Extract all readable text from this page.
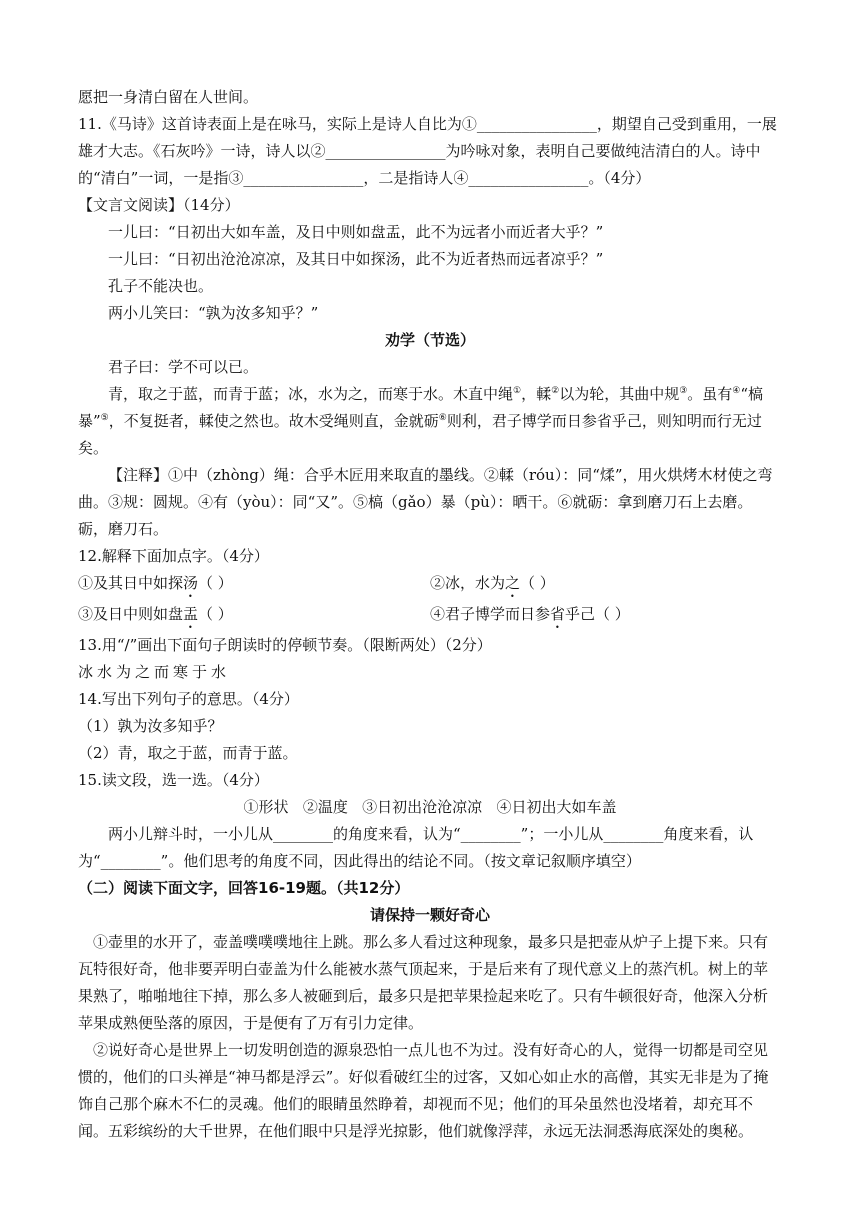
愿把一身清白留在人世间。

11.《马诗》这首诗表面上是在咏马，实际上是诗人自比为①________________，期望自己受到重用，一展雄才大志。《石灰吟》一诗，诗人以②________________为吟咏对象，表明自己要做纯洁清白的人。诗中的“清白”一词，一是指③________________，二是指诗人④________________。（4分）

【文言文阅读】（14分）

一儿曰：“日初出大如车盖，及日中则如盘盂，此不为远者小而近者大乎？”

一儿曰：“日初出沧沧凉凉，及其日中如探汤，此不为近者热而远者凉乎？”

孔子不能决也。

两小儿笑曰：“孰为汝多知乎？”

劝学（节选）

君子曰：学不可以已。

青，取之于蓝，而青于蓝；冰，水为之，而寒于水。木直中绳①，輮②以为轮，其曲中规③。虽有④“槁暴”⑤，不复挺者，輮使之然也。故木受绳则直，金就砺⑥则利，君子博学而日参省乎己，则知明而行无过矣。

【注释】①中（zhòng）绳：合乎木匠用来取直的墨线。②輮（róu）：同“煣”，用火烘烤木材使之弯曲。③规：圆规。④有（yòu）：同“又”。⑤槁（gǎo）暴（pù）：晒干。⑥就砺：拿到磨刀石上去磨。砺，磨刀石。

12.解释下面加点字。（4分）

①及其日中如探汤（ ）	②冰，水为之（ ）
③及日中则如盘盂（ ）	④君子博学而日参省乎己（ ）

13.用“/”画出下面句子朗读时的停顿节奏。（限断两处）（2分）

冰水为之而寒于水

14.写出下列句子的意思。（4分）

（1）孰为汝多知乎？

（2）青，取之于蓝，而青于蓝。

15.读文段，选一选。（4分）

①形状   ②温度   ③日初出沧沧凉凉   ④日初出大如车盖

两小儿辩斗时，一小儿从________的角度来看，认为“________”；一小儿从________角度来看，认为“________”。他们思考的角度不同，因此得出的结论不同。（按文章记叙顺序填空）

（二）阅读下面文字，回答16-19题。（共12分）

请保持一颗好奇心

①壶里的水开了，壶盖噗噗噗地往上跳。那么多人看过这种现象，最多只是把壶从炉子上提下来。只有瓦特很好奇，他非要弄明白壶盖为什么能被水蒸气顶起来，于是后来有了现代意义上的蒸汽机。树上的苹果熟了，啪啪地往下掉，那么多人被砸到后，最多只是把苹果捡起来吃了。只有牛顿很好奇，他深入分析苹果成熟便坠落的原因，于是便有了万有引力定律。

②说好奇心是世界上一切发明创造的源泉恐怕一点儿也不为过。没有好奇心的人，觉得一切都是司空见惯的，他们的口头禅是“神马都是浮云”。好似看破红尘的过客，又如心如止水的高僧，其实无非是为了掩饰自己那个麻木不仁的灵魂。他们的眼睛虽然睁着，却视而不见；他们的耳朵虽然也没堵着，却充耳不闻。五彩缤纷的大千世界，在他们眼中只是浮光掠影，他们就像浮萍，永远无法洞悉海底深处的奥秘。
